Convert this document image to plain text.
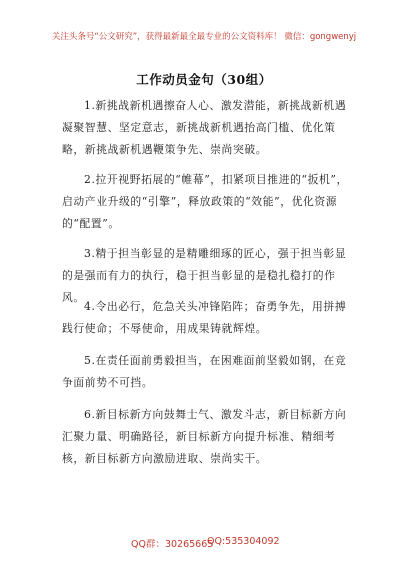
关注头条号“公文研究”，获得最新最全最专业的公文资料库！ 微信：gongwenyj
工作动员金句（30组）

1.新挑战新机遇擦奋人心、激发潜能，新挑战新机遇凝聚智慧、坚定意志，新挑战新机遇抬高门槛、优化策略，新挑战新机遇鞭策争先、崇尚突破。

2.拉开视野拓展的“帷幕”，扣紧项目推进的“扳机”，启动产业升级的“引擎”，释放政策的“效能”，优化资源的“配置”。

3.精于担当彰显的是精雕细琢的匠心，强于担当彰显的是强而有力的执行，稳于担当彰显的是稳扎稳打的作风。

4.令出必行，危急关头冲锋陷阵；奋勇争先，用拼搏践行使命；不辱使命，用成果铸就辉煌。

5.在责任面前勇毅担当，在困难面前坚毅如钢，在竞争面前势不可挡。

6.新目标新方向鼓舞士气、激发斗志，新目标新方向汇聚力量、明确路径，新目标新方向提升标准、精细考核，新目标新方向激励进取、崇尚实干。

QQ群：30265665
QQ:535304092
